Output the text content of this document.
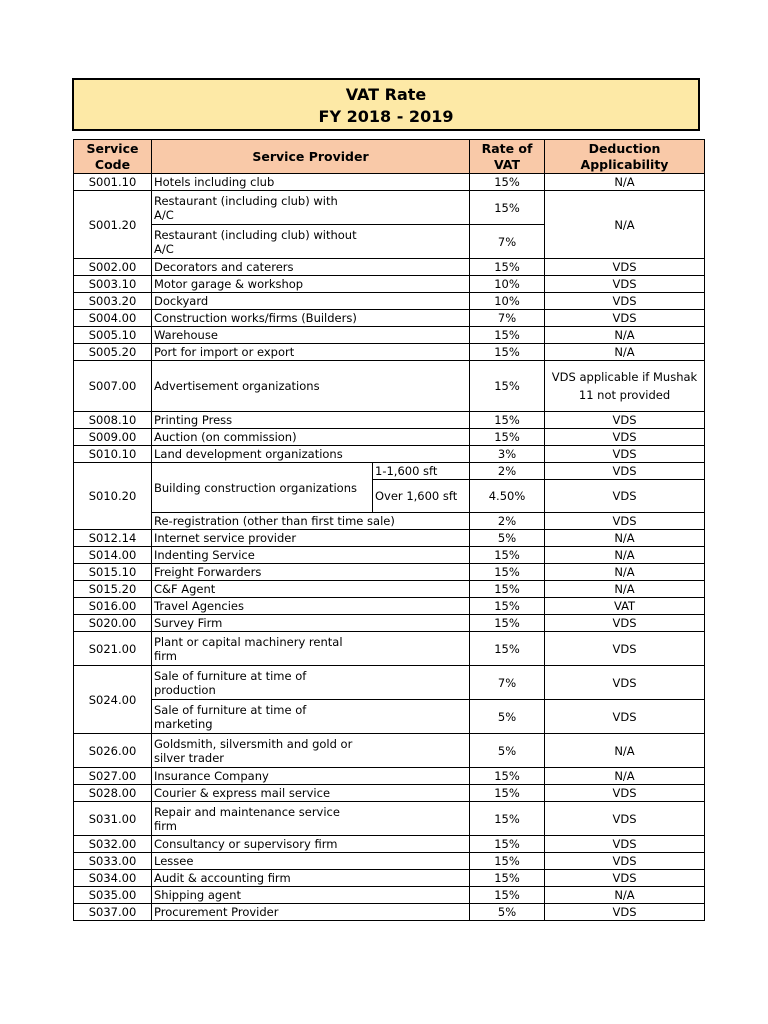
VAT Rate
FY 2018 - 2019
Service Code	Service Provider		Rate of VAT	Deduction Applicability
S001.10	Hotels including club		15%	N/A
S001.20	Restaurant (including club) with A/C		15%	N/A
	Restaurant (including club) without A/C		7%	
S002.00	Decorators and caterers		15%	VDS
S003.10	Motor garage & workshop		10%	VDS
S003.20	Dockyard		10%	VDS
S004.00	Construction works/firms (Builders)		7%	VDS
S005.10	Warehouse		15%	N/A
S005.20	Port for import or export		15%	N/A
S007.00	Advertisement organizations		15%	VDS applicable if Mushak 11 not provided
S008.10	Printing Press		15%	VDS
S009.00	Auction (on commission)		15%	VDS
S010.10	Land development organizations		3%	VDS
S010.20	Building construction organizations	1-1,600 sft	2%	VDS
		Over 1,600 sft	4.50%	VDS
	Re-registration (other than first time sale)		2%	VDS
S012.14	Internet service provider		5%	N/A
S014.00	Indenting Service		15%	N/A
S015.10	Freight Forwarders		15%	N/A
S015.20	C&F Agent		15%	N/A
S016.00	Travel Agencies		15%	VAT
S020.00	Survey Firm		15%	VDS
S021.00	Plant or capital machinery rental firm		15%	VDS
S024.00	Sale of furniture at time of production		7%	VDS
	Sale of furniture at time of marketing		5%	VDS
S026.00	Goldsmith, silversmith and gold or silver trader		5%	N/A
S027.00	Insurance Company		15%	N/A
S028.00	Courier & express mail service		15%	VDS
S031.00	Repair and maintenance service firm		15%	VDS
S032.00	Consultancy or supervisory firm		15%	VDS
S033.00	Lessee		15%	VDS
S034.00	Audit & accounting firm		15%	VDS
S035.00	Shipping agent		15%	N/A
S037.00	Procurement Provider		5%	VDS
